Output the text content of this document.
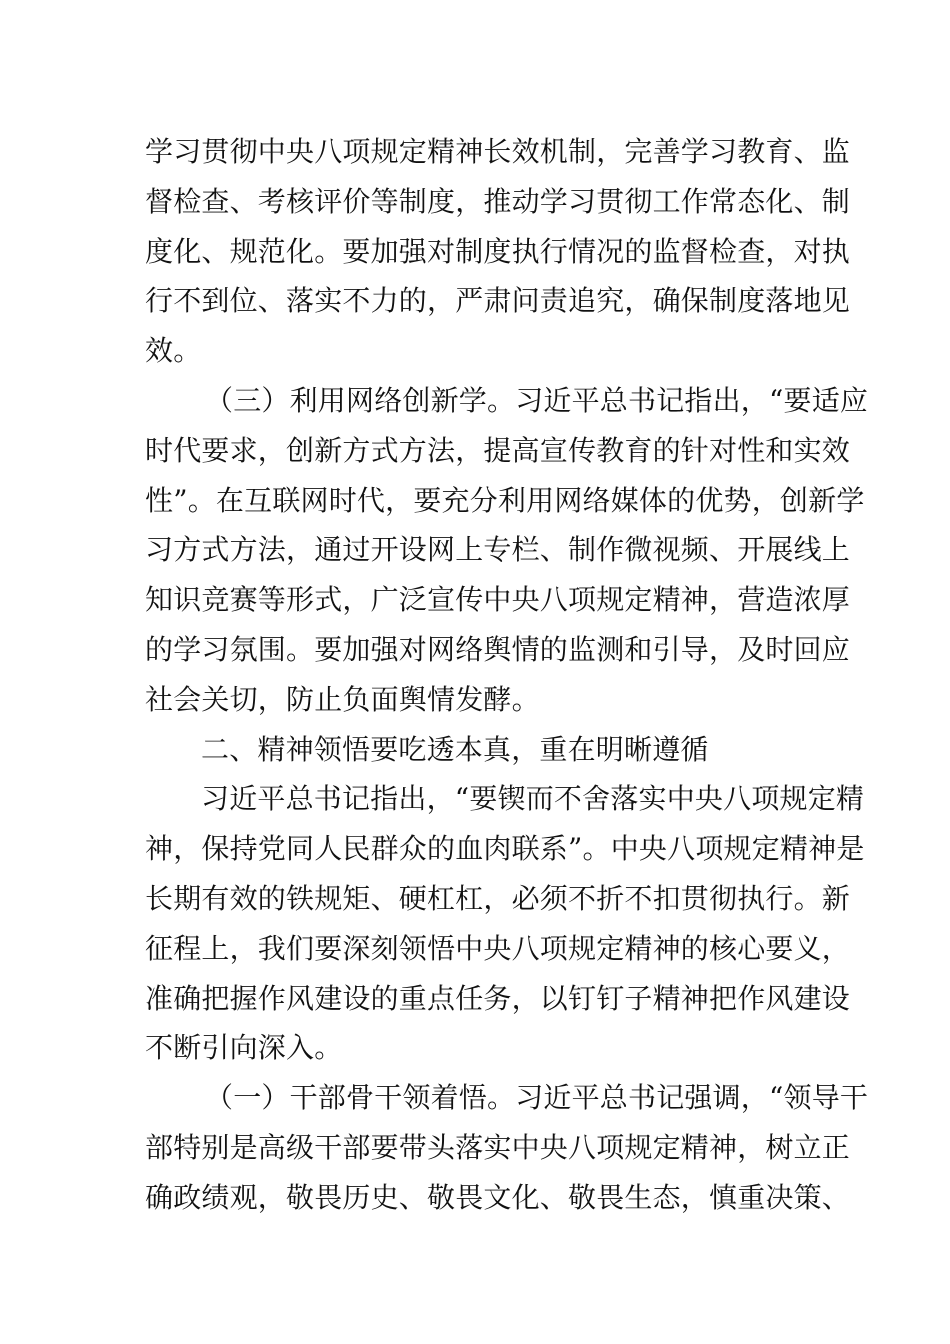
学习贯彻中央八项规定精神长效机制，完善学习教育、监
督检查、考核评价等制度，推动学习贯彻工作常态化、制
度化、规范化。要加强对制度执行情况的监督检查，对执
行不到位、落实不力的，严肃问责追究，确保制度落地见
效。
（三）利用网络创新学。习近平总书记指出，“要适应
时代要求，创新方式方法，提高宣传教育的针对性和实效
性”。在互联网时代，要充分利用网络媒体的优势，创新学
习方式方法，通过开设网上专栏、制作微视频、开展线上
知识竞赛等形式，广泛宣传中央八项规定精神，营造浓厚
的学习氛围。要加强对网络舆情的监测和引导，及时回应
社会关切，防止负面舆情发酵。
二、精神领悟要吃透本真，重在明晰遵循
习近平总书记指出，“要锲而不舍落实中央八项规定精
神，保持党同人民群众的血肉联系”。中央八项规定精神是
长期有效的铁规矩、硬杠杠，必须不折不扣贯彻执行。新
征程上，我们要深刻领悟中央八项规定精神的核心要义，
准确把握作风建设的重点任务，以钉钉子精神把作风建设
不断引向深入。
（一）干部骨干领着悟。习近平总书记强调，“领导干
部特别是高级干部要带头落实中央八项规定精神，树立正
确政绩观，敬畏历史、敬畏文化、敬畏生态，慎重决策、
